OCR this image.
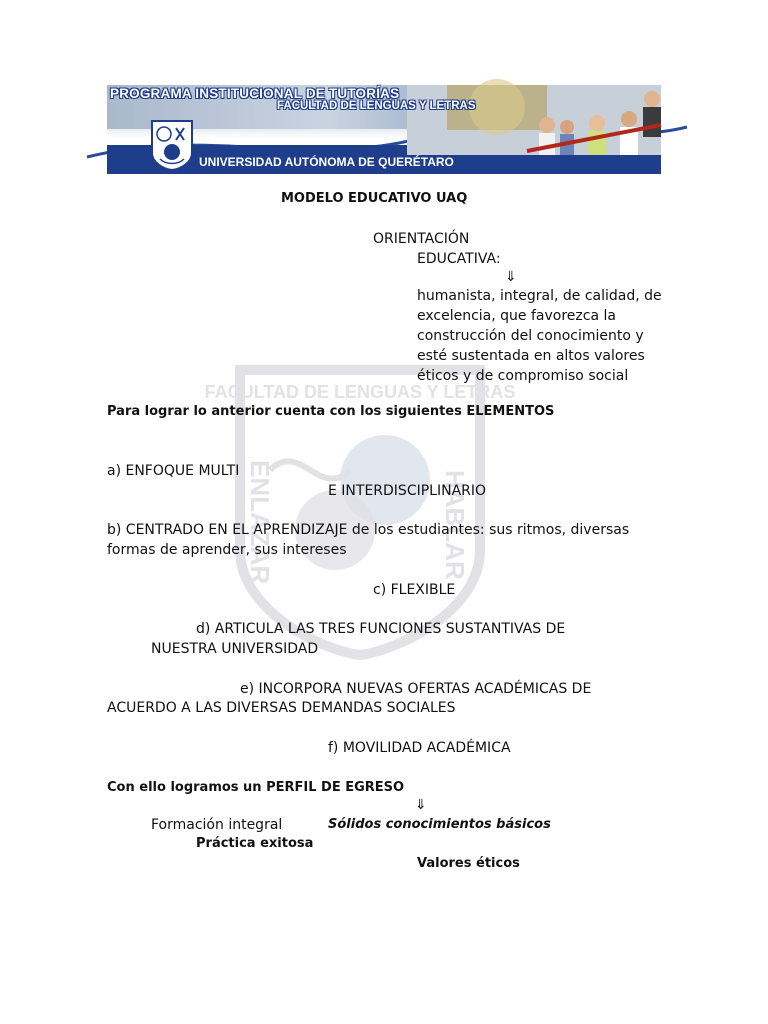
PROGRAMA INSTITUCIONAL DE TUTORÍAS
FACULTAD DE LENGUAS Y LETRAS
UNIVERSIDAD AUTÓNOMA DE QUERÉTARO
FACULTAD DE LENGUAS Y LETRAS
ENLAZAR	HABLAR
MODELO EDUCATIVO UAQ
ORIENTACIÓN
EDUCATIVA:
⇓
humanista, integral, de calidad, de excelencia, que favorezca la construcción del conocimiento y esté sustentada en altos valores éticos y de compromiso social
Para lograr lo anterior cuenta con los siguientes ELEMENTOS
a) ENFOQUE MULTI
E INTERDISCIPLINARIO
b) CENTRADO EN EL APRENDIZAJE de los estudiantes: sus ritmos, diversas formas de aprender, sus intereses
c) FLEXIBLE
d) ARTICULA LAS TRES FUNCIONES SUSTANTIVAS DE
NUESTRA UNIVERSIDAD
e) INCORPORA NUEVAS OFERTAS ACADÉMICAS DE
ACUERDO A LAS DIVERSAS DEMANDAS SOCIALES
f) MOVILIDAD ACADÉMICA
Con ello logramos un PERFIL DE EGRESO
⇓
Formación integral	Sólidos conocimientos básicos
Práctica exitosa
Valores éticos
